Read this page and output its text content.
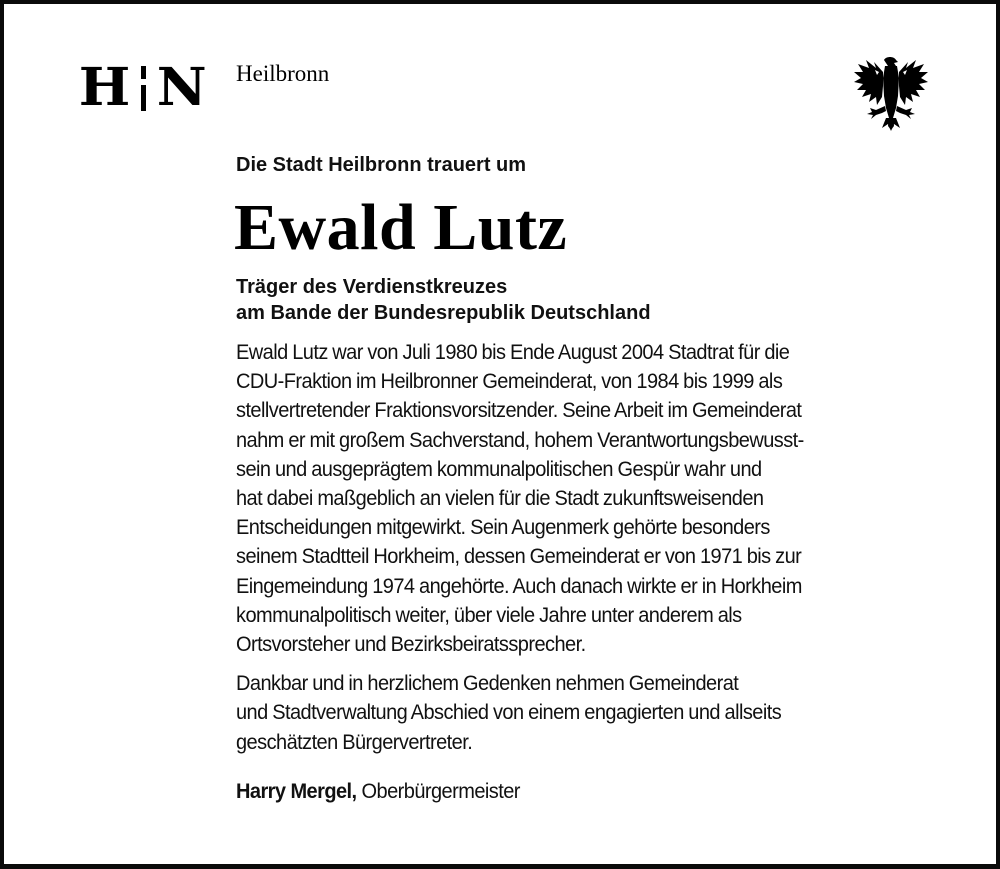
H N Heilbronn

Die Stadt Heilbronn trauert um

Ewald Lutz
Träger des Verdienstkreuzes
am Bande der Bundesrepublik Deutschland
Ewald Lutz war von Juli 1980 bis Ende August 2004 Stadtrat für die
CDU-Fraktion im Heilbronner Gemeinderat, von 1984 bis 1999 als
stellvertretender Fraktionsvorsitzender. Seine Arbeit im Gemeinderat
nahm er mit großem Sachverstand, hohem Verantwortungsbewusst-
sein und ausgeprägtem kommunalpolitischen Gespür wahr und
hat dabei maßgeblich an vielen für die Stadt zukunftsweisenden
Entscheidungen mitgewirkt. Sein Augenmerk gehörte besonders
seinem Stadtteil Horkheim, dessen Gemeinderat er von 1971 bis zur
Eingemeindung 1974 angehörte. Auch danach wirkte er in Horkheim
kommunalpolitisch weiter, über viele Jahre unter anderem als
Ortsvorsteher und Bezirksbeiratssprecher.
Dankbar und in herzlichem Gedenken nehmen Gemeinderat
und Stadtverwaltung Abschied von einem engagierten und allseits
geschätzten Bürgervertreter.
Harry Mergel, Oberbürgermeister
